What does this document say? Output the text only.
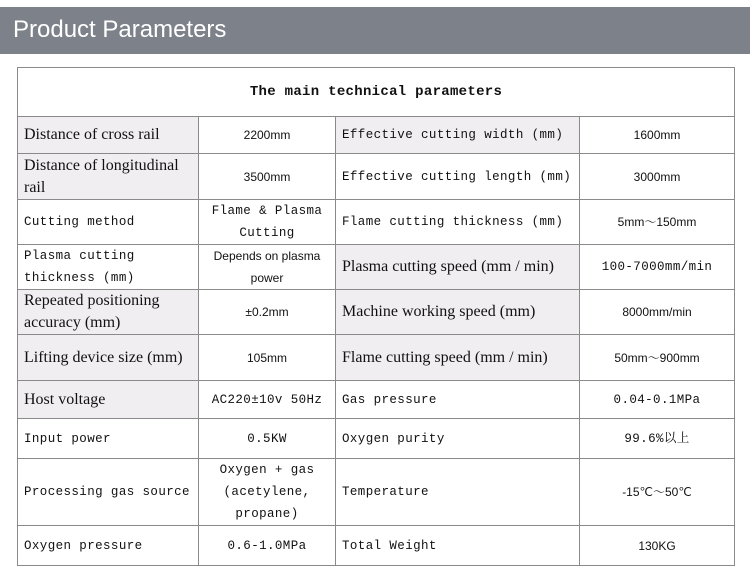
Product Parameters
The main technical parameters			
Distance of cross rail	2200mm	Effective cutting width (mm)	1600mm
Distance of longitudinal rail	3500mm	Effective cutting length (mm)	3000mm
Cutting method	Flame & Plasma Cutting	Flame cutting thickness (mm)	5mm～150mm
Plasma cutting thickness (mm)	Depends on plasma power	Plasma cutting speed (mm / min)	100-7000mm/min
Repeated positioning accuracy (mm)	±0.2mm	Machine working speed (mm)	8000mm/min
Lifting device size (mm)	105mm	Flame cutting speed (mm / min)	50mm～900mm
Host voltage	AC220±10v 50Hz	Gas pressure	0.04-0.1MPa
Input power	0.5KW	Oxygen purity	99.6%以上
Processing gas source	Oxygen + gas (acetylene, propane)	Temperature	-15℃～50℃
Oxygen pressure	0.6-1.0MPa	Total Weight	130KG
